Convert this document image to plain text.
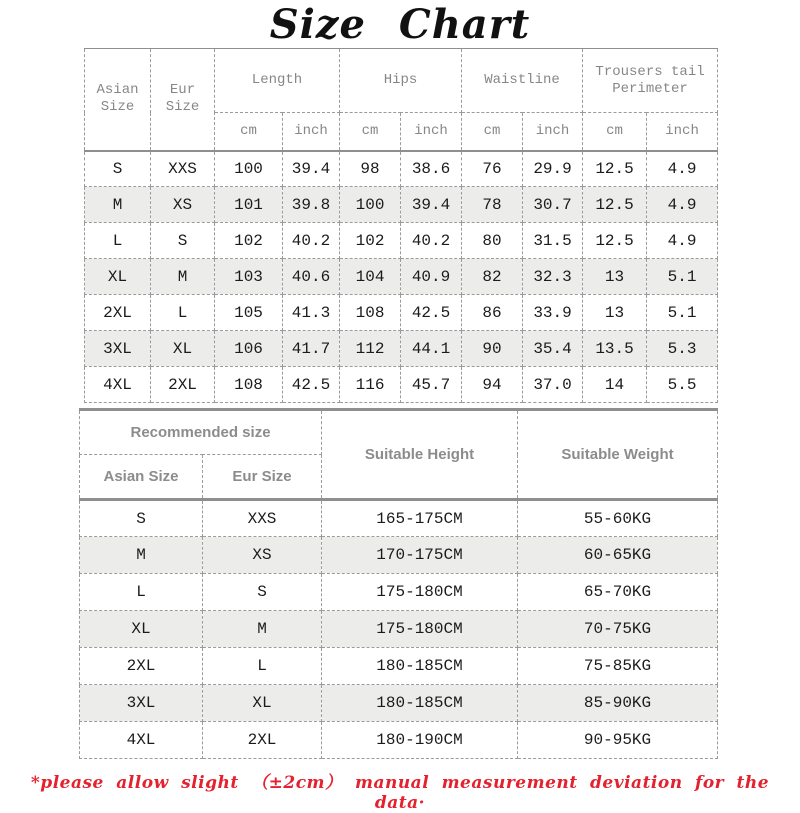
Size Chart
Asian Size	Eur Size	Length		Hips		Waistline		Trousers tail Perimeter	
		cm	inch	cm	inch	cm	inch	cm	inch
S	XXS	100	39.4	98	38.6	76	29.9	12.5	4.9
M	XS	101	39.8	100	39.4	78	30.7	12.5	4.9
L	S	102	40.2	102	40.2	80	31.5	12.5	4.9
XL	M	103	40.6	104	40.9	82	32.3	13	5.1
2XL	L	105	41.3	108	42.5	86	33.9	13	5.1
3XL	XL	106	41.7	112	44.1	90	35.4	13.5	5.3
4XL	2XL	108	42.5	116	45.7	94	37.0	14	5.5
Recommended size		Suitable Height	Suitable Weight
Asian Size	Eur Size		
S	XXS	165-175CM	55-60KG
M	XS	170-175CM	60-65KG
L	S	175-180CM	65-70KG
XL	M	175-180CM	70-75KG
2XL	L	180-185CM	75-85KG
3XL	XL	180-185CM	85-90KG
4XL	2XL	180-190CM	90-95KG
*please allow slight （±2cm） manual measurement deviation for the data·
